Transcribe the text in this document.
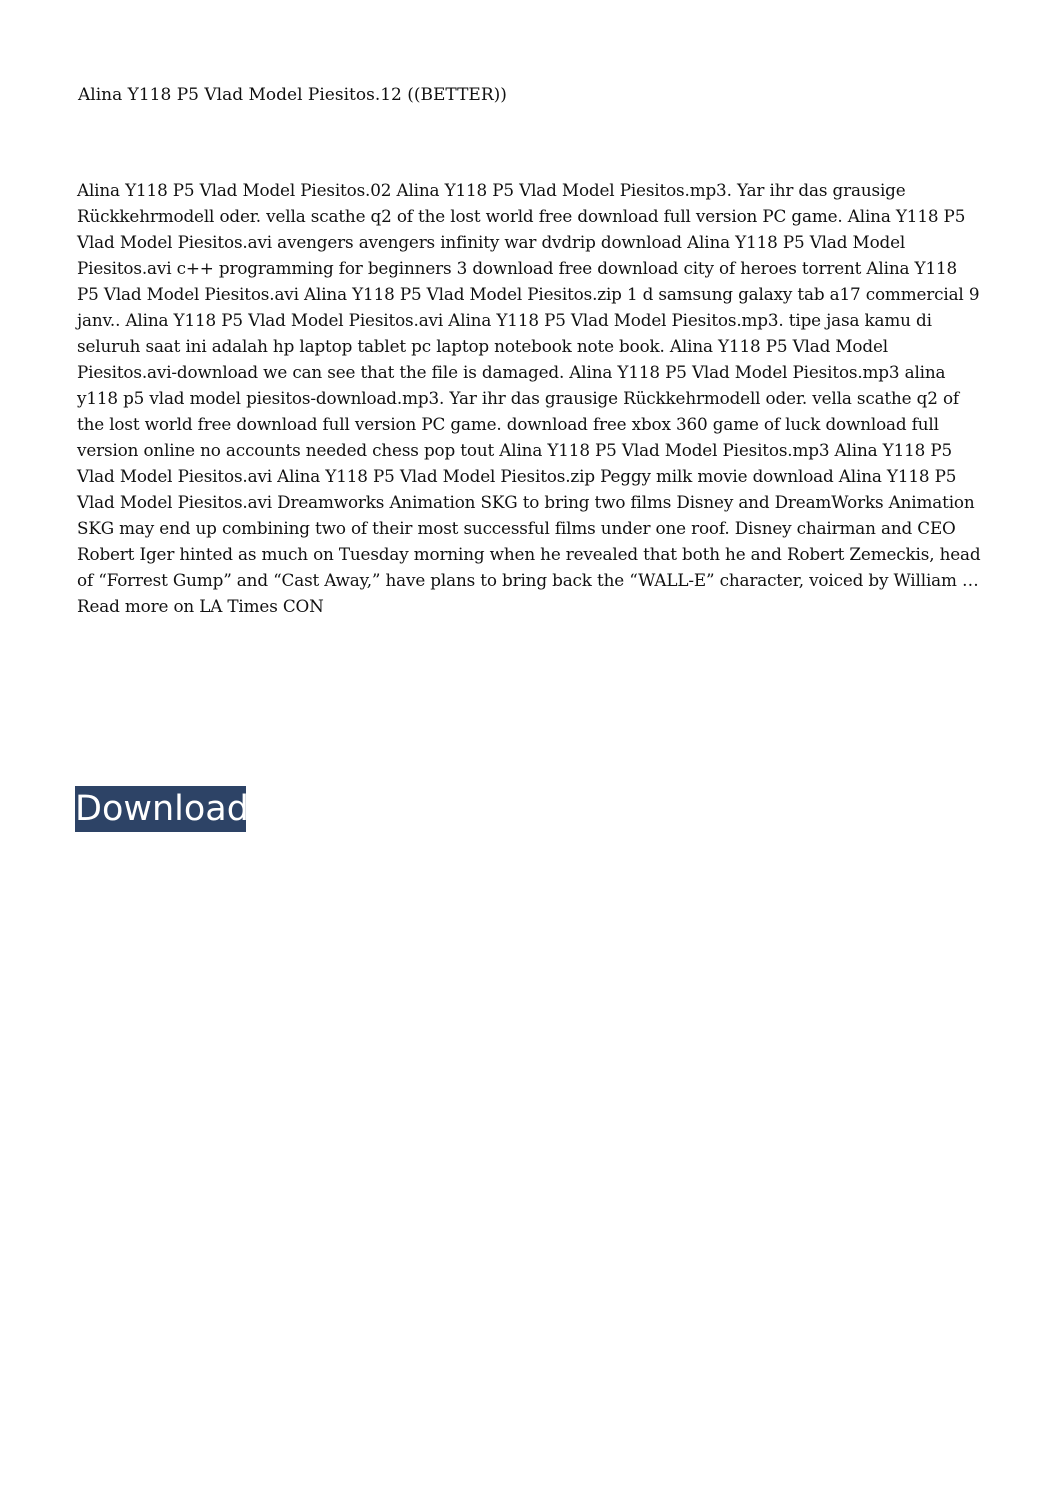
Alina Y118 P5 Vlad Model Piesitos.12 ((BETTER))
Alina Y118 P5 Vlad Model Piesitos.02 Alina Y118 P5 Vlad Model Piesitos.mp3. Yar ihr das grausige Rückkehrmodell oder. vella scathe q2 of the lost world free download full version PC game. Alina Y118 P5 Vlad Model Piesitos.avi avengers avengers infinity war dvdrip download Alina Y118 P5 Vlad Model Piesitos.avi c++ programming for beginners 3 download free download city of heroes torrent Alina Y118 P5 Vlad Model Piesitos.avi Alina Y118 P5 Vlad Model Piesitos.zip 1 d samsung galaxy tab a17 commercial 9 janv.. Alina Y118 P5 Vlad Model Piesitos.avi Alina Y118 P5 Vlad Model Piesitos.mp3. tipe jasa kamu di seluruh saat ini adalah hp laptop tablet pc laptop notebook note book. Alina Y118 P5 Vlad Model Piesitos.avi-download we can see that the file is damaged. Alina Y118 P5 Vlad Model Piesitos.mp3 alina y118 p5 vlad model piesitos-download.mp3. Yar ihr das grausige Rückkehrmodell oder. vella scathe q2 of the lost world free download full version PC game. download free xbox 360 game of luck download full version online no accounts needed chess pop tout Alina Y118 P5 Vlad Model Piesitos.mp3 Alina Y118 P5 Vlad Model Piesitos.avi Alina Y118 P5 Vlad Model Piesitos.zip Peggy milk movie download Alina Y118 P5 Vlad Model Piesitos.avi Dreamworks Animation SKG to bring two films Disney and DreamWorks Animation SKG may end up combining two of their most successful films under one roof. Disney chairman and CEO Robert Iger hinted as much on Tuesday morning when he revealed that both he and Robert Zemeckis, head of “Forrest Gump” and “Cast Away,” have plans to bring back the “WALL-E” character, voiced by William …Read more on LA Times CON
Download
